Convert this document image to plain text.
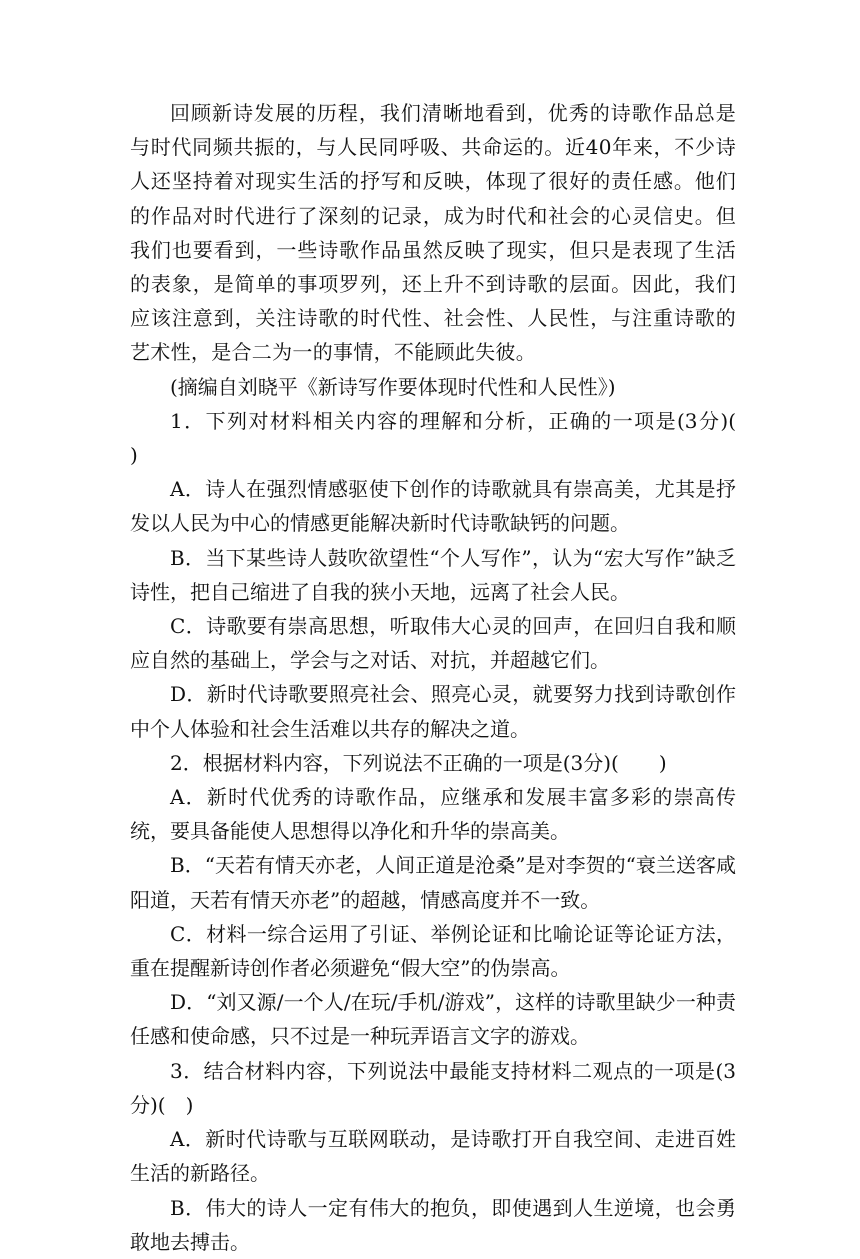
回顾新诗发展的历程，我们清晰地看到，优秀的诗歌作品总是与时代同频共振的，与人民同呼吸、共命运的。近40年来，不少诗人还坚持着对现实生活的抒写和反映，体现了很好的责任感。他们的作品对时代进行了深刻的记录，成为时代和社会的心灵信史。但我们也要看到，一些诗歌作品虽然反映了现实，但只是表现了生活的表象，是简单的事项罗列，还上升不到诗歌的层面。因此，我们应该注意到，关注诗歌的时代性、社会性、人民性，与注重诗歌的艺术性，是合二为一的事情，不能顾此失彼。

(摘编自刘晓平《新诗写作要体现时代性和人民性》)

1．下列对材料相关内容的理解和分析，正确的一项是(3分)(　　)

A．诗人在强烈情感驱使下创作的诗歌就具有崇高美，尤其是抒发以人民为中心的情感更能解决新时代诗歌缺钙的问题。

B．当下某些诗人鼓吹欲望性“个人写作”，认为“宏大写作”缺乏诗性，把自己缩进了自我的狭小天地，远离了社会人民。

C．诗歌要有崇高思想，听取伟大心灵的回声，在回归自我和顺应自然的基础上，学会与之对话、对抗，并超越它们。

D．新时代诗歌要照亮社会、照亮心灵，就要努力找到诗歌创作中个人体验和社会生活难以共存的解决之道。

2．根据材料内容，下列说法不正确的一项是(3分)(　　)

A．新时代优秀的诗歌作品，应继承和发展丰富多彩的崇高传统，要具备能使人思想得以净化和升华的崇高美。

B．“天若有情天亦老，人间正道是沧桑”是对李贺的“衰兰送客咸阳道，天若有情天亦老”的超越，情感高度并不一致。

C．材料一综合运用了引证、举例论证和比喻论证等论证方法，重在提醒新诗创作者必须避免“假大空”的伪崇高。

D．“刘又源/一个人/在玩/手机/游戏”，这样的诗歌里缺少一种责任感和使命感，只不过是一种玩弄语言文字的游戏。

3．结合材料内容，下列说法中最能支持材料二观点的一项是(3分)(　)

A．新时代诗歌与互联网联动，是诗歌打开自我空间、走进百姓生活的新路径。

B．伟大的诗人一定有伟大的抱负，即使遇到人生逆境，也会勇敢地去搏击。
